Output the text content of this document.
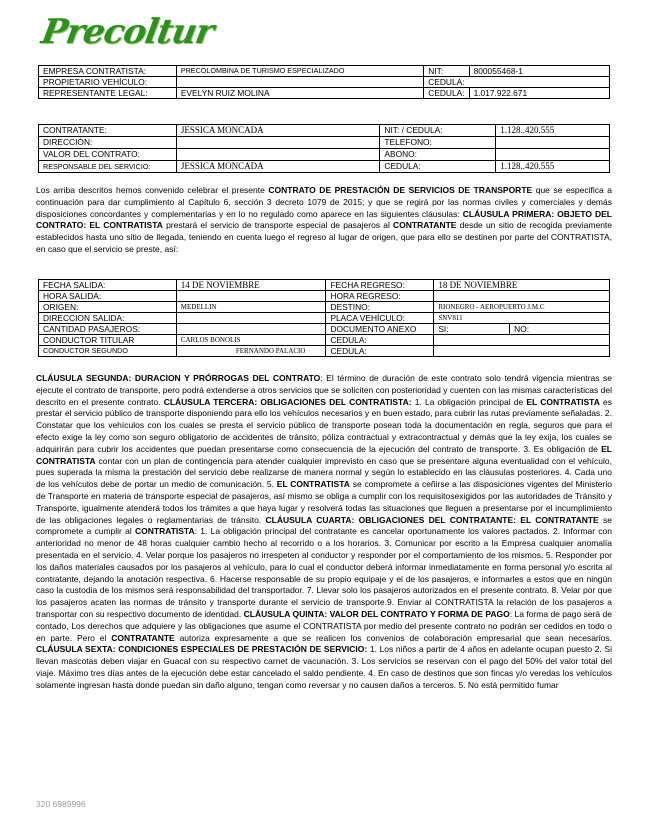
Precoltur
EMPRESA CONTRATISTA:	PRECOLOMBINA DE TURISMO ESPECIALIZADO	NIT:	800055468-1
PROPIETARIO VEHÍCULO:		CEDULA:	
REPRESENTANTE LEGAL:	EVELYN RUIZ MOLINA	CEDULA:	1.017.922.671
CONTRATANTE:	JESSICA MONCADA	NIT: / CEDULA:	1.128..420.555
DIRECCIÓN:		TELEFONO:	
VALOR DEL CONTRATO:		ABONO:	
RESPONSABLE DEL SERVICIO:	JESSICA MONCADA	CEDULA:	1.128..420.555
Los arriba descritos hemos convenido celebrar el presente CONTRATO DE PRESTACIÓN DE SERVICIOS DE TRANSPORTE que se especifica a continuación para dar cumplimiento al Capítulo 6, sección 3 decreto 1079 de 2015; y que se regirá por las normas civiles y comerciales y demás disposiciones concordantes y complementarias y en lo no regulado como aparece en las siguientes cláusulas: CLÁUSULA PRIMERA: OBJETO DEL CONTRATO: EL CONTRATISTA prestará el servicio de transporte especial de pasajeros al CONTRATANTE desde un sitio de recogida previamente establecidos hasta uno sitio de llegada, teniendo en cuenta luego el regreso al lugar de origen, que para ello se destinen por parte del CONTRATISTA, en caso que el servicio se preste, así:
FECHA SALIDA:	14 DE NOVIEMBRE	FECHA REGRESO:	18 DE NOVIEMBRE	
HORA SALIDA:		HORA REGRESO:		
ORIGEN:	MEDELLIN	DESTINO:	RIONEGRO - AEROPUERTO J.M.C	
DIRECCION SALIDA:		PLACA VEHÍCULO:	SNV811	
CANTIDAD PASAJEROS:		DOCUMENTO ANEXO	SI:	NO:
CONDUCTOR TITULAR	CARLOS BONOLIS	CEDULA:		
CONDUCTOR SEGUNDO	FERNANDO PALACIO	CEDULA:		
CLÁUSULA SEGUNDA: DURACION Y PRÓRROGAS DEL CONTRATO: El término de duración de este contrato solo tendrá vigencia mientras se ejecute el contrato de transporte, pero podrá extenderse a otros servicios que se soliciten con posterioridad y cuenten con las mismas características del descrito en el presente contrato. CLÁUSULA TERCERA: OBLIGACIONES DEL CONTRATISTA: 1. La obligación principal de EL CONTRATISTA es prestar el servicio público de transporte disponiendo para ello los vehículos necesarios y en buen estado, para cubrir las rutas previamente señaladas. 2. Constatar que los vehículos con los cuales se presta el servicio público de transporte posean toda la documentación en regla, seguros que para el efecto exige la ley como son seguro obligatorio de accidentes de tránsito, póliza contractual y extracontractual y demás que la ley exija, los cuales se adquirirán para cubrir los accidentes que puedan presentarse como consecuencia de la ejecución del contrato de transporte. 3. Es obligación de EL CONTRATISTA contar con un plan de contingencia para atender cualquier imprevisto en caso que se presentare alguna eventualidad con el vehículo, pues superada la misma la prestación del servicio debe realizarse de manera normal y según lo establecido en las cláusulas posteriores. 4. Cada uno de los vehículos debe de portar un medio de comunicación. 5. EL CONTRATISTA se compromete a ceñirse a las disposiciones vigentes del Ministerio de Transporte en materia de transporte especial de pasajeros, así mismo se obliga a cumplir con los requisitosexigidos por las autoridades de Tránsito y Transporte, igualmente atenderá todos los trámites a que haya lugar y resolverá todas las situaciones que lleguen a presentarse por el incumplimiento de las obligaciones legales o reglamentarias de tránsito. CLÁUSULA CUARTA: OBLIGACIONES DEL CONTRATANTE: EL CONTRATANTE se compromete a cumplir al CONTRATISTA: 1. La obligación principal del contratante es cancelar oportunamente los valores pactados. 2. Informar con anterioridad no menor de 48 horas cualquier cambio hecho al recorrido o a los horarios. 3. Comunicar por escrito a la Empresa cualquier anomalía presentada en el servicio. 4. Velar porque los pasajeros no irrespeten al conductor y responder por el comportamiento de los mismos. 5. Responder por los daños materiales causados por los pasajeros al vehículo, para lo cual el conductor deberá informar inmediatamente en forma personal y/o escrita al contratante, dejando la anotación respectiva. 6. Hacerse responsable de su propio equipaje y el de los pasajeros, e informarles a estos que en ningún caso la custodia de los mismos será responsabilidad del transportador. 7. Llevar solo los pasajeros autorizados en el presente contrato. 8. Velar por que los pasajeros acaten las normas de tránsito y transporte durante el servicio de transporte.9. Enviar al CONTRATISTA la relación de los pasajeros a transportar con su respectivo documento de identidad. CLÁUSULA QUINTA: VALOR DEL CONTRATO Y FORMA DE PAGO: La forma de pago será de contado, Los derechos que adquiere y las obligaciones que asume el CONTRATISTA por medio del presente contrato no podrán ser cedidos en todo o en parte. Pero el CONTRATANTE autoriza expresamente a que se realicen los convenios de colaboración empresarial que sean necesarios. CLÁUSULA SEXTA: CONDICIONES ESPECIALES DE PRESTACIÓN DE SERVICIO: 1. Los niños a partir de 4 años en adelante ocupan puesto 2. Si llevan mascotas deben viajar en Guacal con su respectivo carnet de vacunación. 3. Los servicios se reservan con el pago del 50% del valor total del viaje. Máximo tres días antes de la ejecución debe estar cancelado el saldo pendiente. 4. En caso de destinos que son fincas y/o veredas los vehículos solamente ingresan hasta donde puedan sin daño alguno, tengan como reversar y no causen daños a terceros. 5. No está permitido fumar
320 6989996
